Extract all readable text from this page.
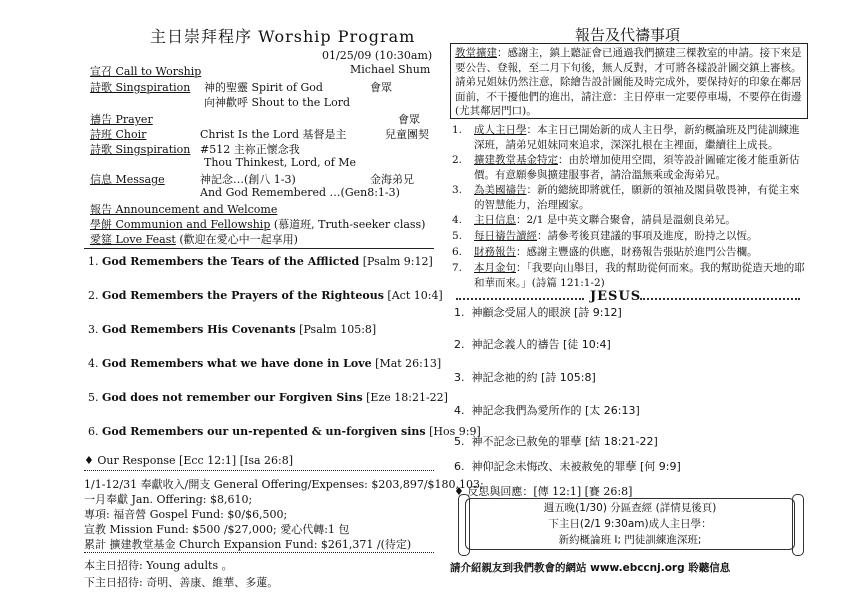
主日崇拜程序 Worship Program
01/25/09 (10:30am)
宣召 Call to Worship	Michael Shum
詩歌 Singspiration 神的聖靈 Spirit of God	會眾
向神歡呼 Shout to the Lord
禱告 Prayer	會眾
詩班 Choir	Christ Is the Lord 基督是主	兒童團契
詩歌 Singspiration #512 主祢正懷念我
Thou Thinkest, Lord, of Me
信息 Message	神記念…(創八 1-3)	金海弟兄
And God Remembered …(Gen8:1-3)
報告 Announcement and Welcome
學餅 Communion and Fellowship (慕道班, Truth-seeker class)
愛筵 Love Feast (歡迎在愛心中一起享用)
1. God Remembers the Tears of the Afflicted [Psalm 9:12]
2. God Remembers the Prayers of the Righteous [Act 10:4]
3. God Remembers His Covenants [Psalm 105:8]
4. God Remembers what we have done in Love [Mat 26:13]
5. God does not remember our Forgiven Sins [Eze 18:21-22]
6. God Remembers our un-repented & un-forgiven sins [Hos 9:9]
♦ Our Response [Ecc 12:1] [Isa 26:8]
1/1-12/31 奉獻收入/開支 General Offering/Expenses: $203,897/$180,103;
一月奉獻 Jan. Offering: $8,610;
專項: 福音營 Gospel Fund: $0/$6,500;
宣教 Mission Fund: $500 /$27,000; 愛心代轉:1 包
累計 擴建教堂基金 Church Expansion Fund: $261,371 /(待定)
本主日招待: Young adults 。
下主日招待: 奇明、善康、維華、多蓮。
報告及代禱事項
教堂擴建：感謝主，鎮上聽証會已通過我們擴建三棵教室的申請。接下來是要公告、登報，至二月下旬後，無人反對，才可將各樣設計圖交鎮上審核。請弟兄姐妹仍然注意，除繪告設計圖能及時完成外，要保持好的印象在鄰居面前，不干擾他們的進出，請注意：主日停車一定要停車場，不要停在街邊 (尤其鄰居門口)。
1. 成人主日學：本主日已開始新的成人主日學，新約概論班及門徒訓練進深班，請弟兄姐妹同來追求，深深扎根在主裡面，繼續往上成長。
2. 擴建教堂基金特定：由於增加使用空間，須等設計圖確定後才能重新估價。有意願參與擴建服事者，請洽溫無乘或金海弟兄。
3. 為美國禱告：新的總統即將就任，願新的領袖及閣員敬畏神，有從主來的智慧能力，治理國家。
4. 主日信息：2/1 是中英文聯合聚會，請員是溫劍良弟兄。
5. 每日禱告讀經：請參考後頁建議的事項及進度，盼持之以恆。
6. 財務報告：感謝主豐盛的供應，財務報告張貼於進門公告欄。
7. 本月金句：「我要向山舉目，我的幫助從何而來。我的幫助從造天地的耶和華而來。」(詩篇 121:1-2)
JESUS
1. 神顧念受屈人的眼淚 [詩 9:12]
2. 神記念義人的禱告 [徒 10:4]
3. 神記念祂的約 [詩 105:8]
4. 神記念我們為愛所作的 [太 26:13]
5. 神不記念已赦免的罪孽 [結 18:21-22]
6. 神仰記念未悔改、未被赦免的罪孽 [何 9:9]
♦ 反思與回應：[傳 12:1] [賽 26:8]
週五晚(1/30) 分區查經 (詳情見後頁)
下主日(2/1 9:30am)成人主日學：
新約概論班 I; 門徒訓練進深班;
請介紹親友到我們教會的網站 www.ebccnj.org 聆聽信息
